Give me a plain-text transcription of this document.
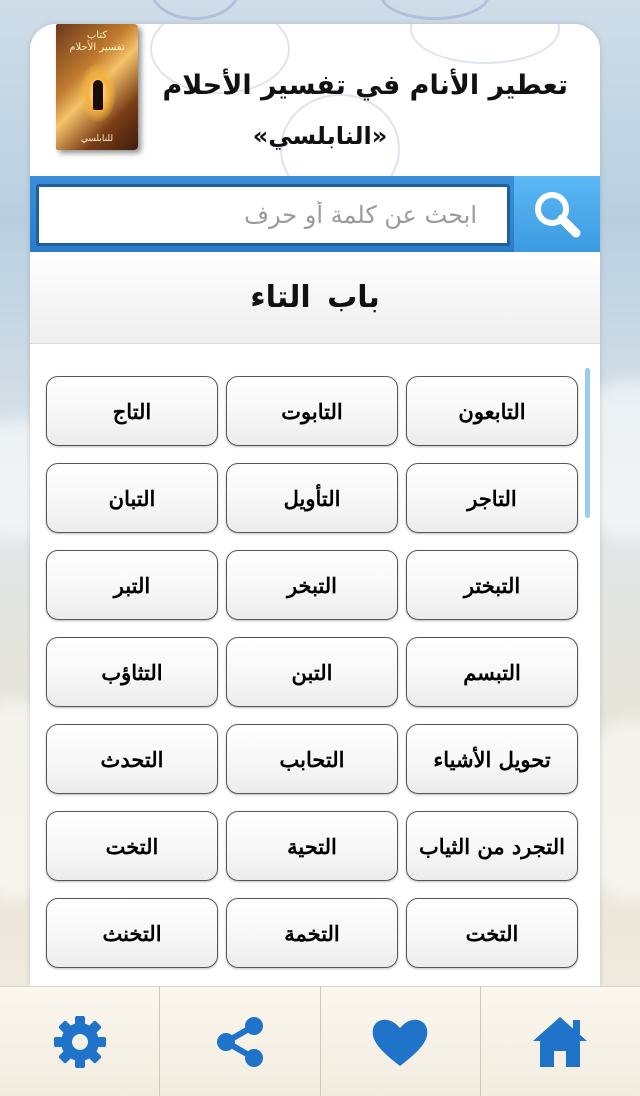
كتاب
تفسير الأحلام
للنابلسي
تعطير الأنام في تفسير الأحلام
«النابلسي»
ابحث عن كلمة أو حرف
باب التاء
التابعون
التابوت
التاج
التاجر
التأويل
التبان
التبختر
التبخر
التبر
التبسم
التبن
التثاؤب
تحويل الأشياء
التحابب
التحدث
التجرد من الثياب
التحية
التخت
التخت
التخمة
التخنث
